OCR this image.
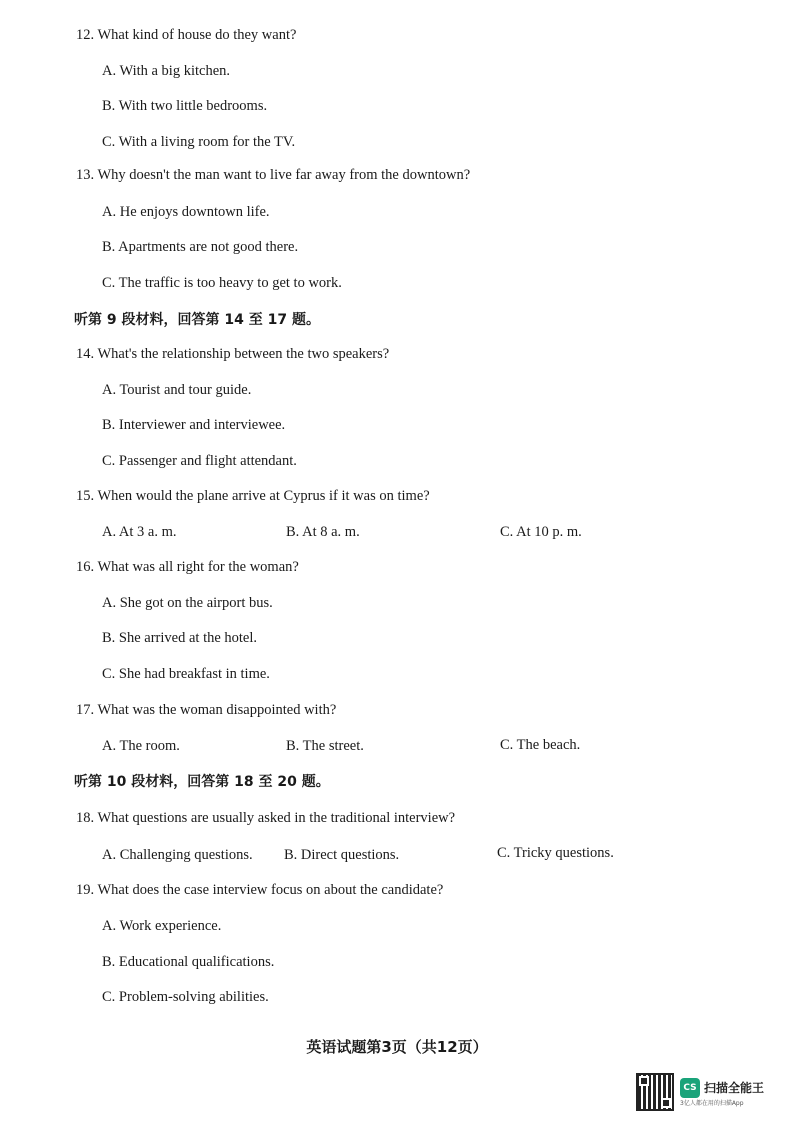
12. What kind of house do they want?
A. With a big kitchen.
B. With two little bedrooms.
C. With a living room for the TV.
13. Why doesn't the man want to live far away from the downtown?
A. He enjoys downtown life.
B. Apartments are not good there.
C. The traffic is too heavy to get to work.
听第 9 段材料，回答第 14 至 17 题。
14. What's the relationship between the two speakers?
A. Tourist and tour guide.
B. Interviewer and interviewee.
C. Passenger and flight attendant.
15. When would the plane arrive at Cyprus if it was on time?
A. At 3 a. m.	B. At 8 a. m.	C. At 10 p. m.
16. What was all right for the woman?
A. She got on the airport bus.
B. She arrived at the hotel.
C. She had breakfast in time.
17. What was the woman disappointed with?
A. The room.	B. The street.	C. The beach.
听第 10 段材料，回答第 18 至 20 题。
18. What questions are usually asked in the traditional interview?
A. Challenging questions. B. Direct questions.	C. Tricky questions.
19. What does the case interview focus on about the candidate?
A. Work experience.
B. Educational qualifications.
C. Problem-solving abilities.
英语试题第3页（共12页）
CS 扫描全能王
3亿人都在用的扫描App
